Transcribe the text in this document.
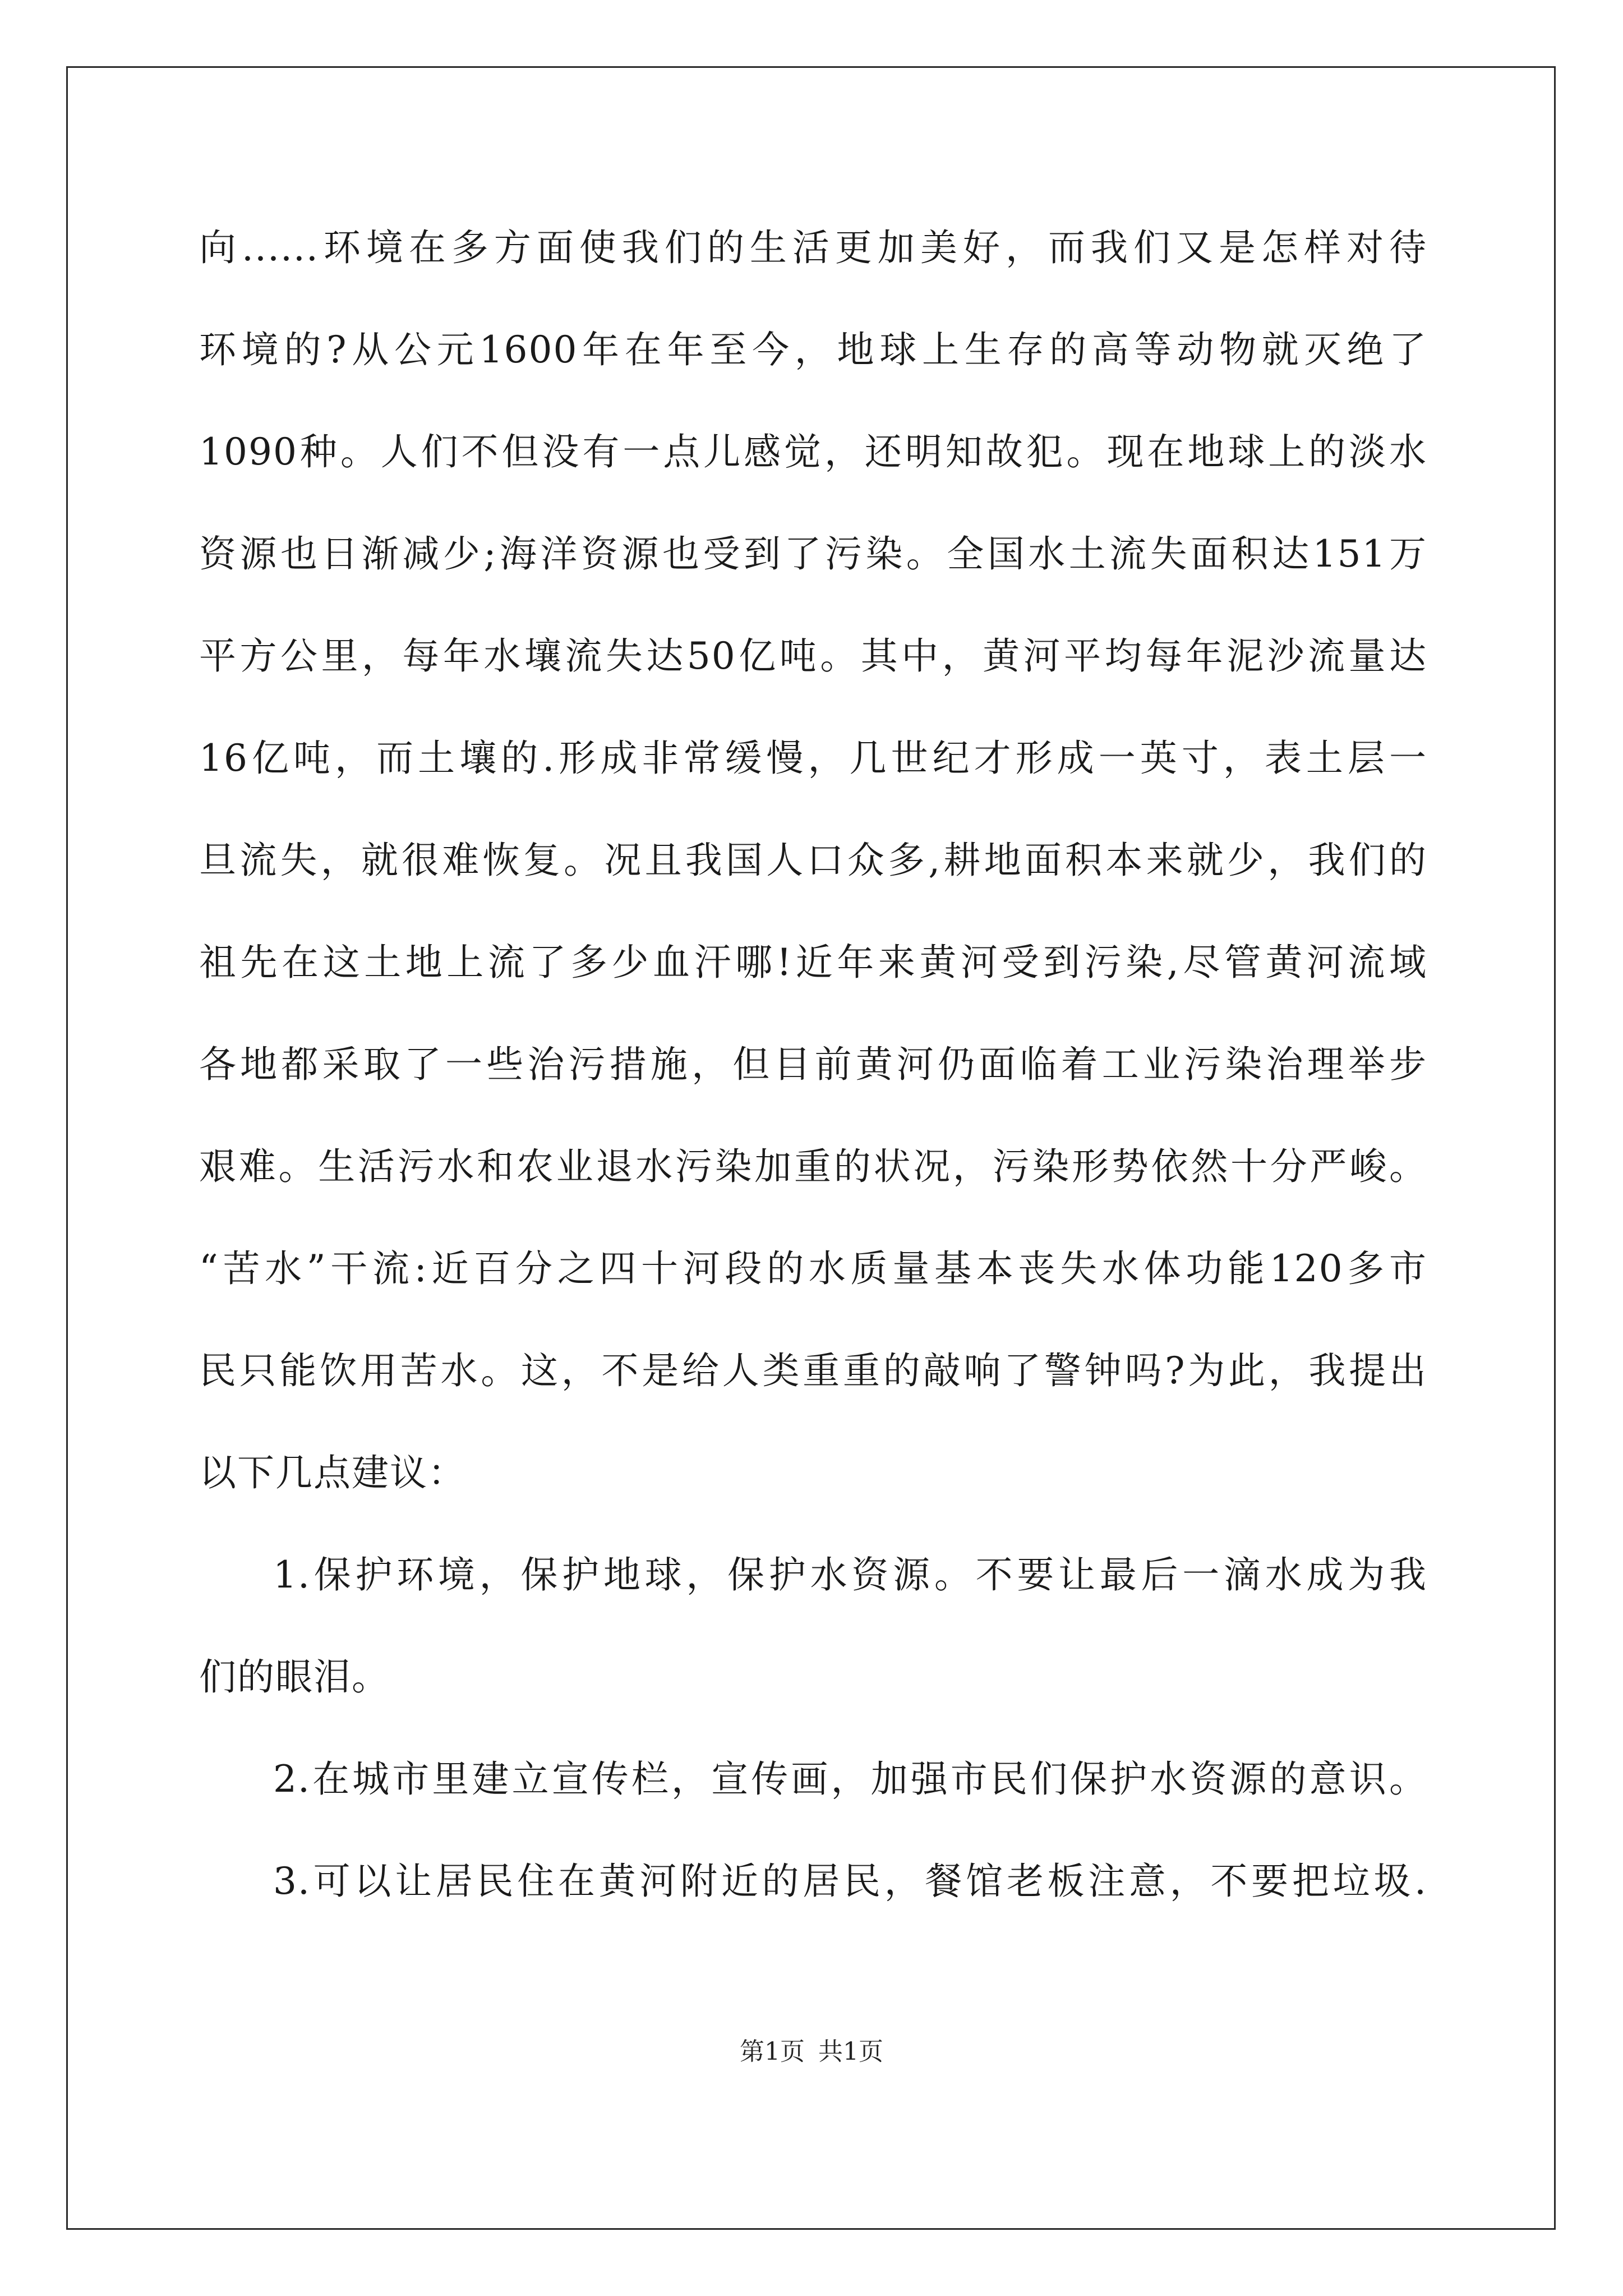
向......环境在多方面使我们的生活更加美好，而我们又是怎样对待
环境的?从公元1600年在年至今，地球上生存的高等动物就灭绝了
1090种。人们不但没有一点儿感觉，还明知故犯。现在地球上的淡水
资源也日渐减少;海洋资源也受到了污染。全国水土流失面积达151万
平方公里，每年水壤流失达50亿吨。其中，黄河平均每年泥沙流量达
16亿吨，而土壤的.形成非常缓慢，几世纪才形成一英寸，表土层一
旦流失，就很难恢复。况且我国人口众多,耕地面积本来就少，我们的
祖先在这土地上流了多少血汗哪!近年来黄河受到污染,尽管黄河流域
各地都采取了一些治污措施，但目前黄河仍面临着工业污染治理举步
艰难。生活污水和农业退水污染加重的状况，污染形势依然十分严峻。
“苦水”干流:近百分之四十河段的水质量基本丧失水体功能120多市
民只能饮用苦水。这，不是给人类重重的敲响了警钟吗?为此，我提出
以下几点建议：
1.保护环境，保护地球，保护水资源。不要让最后一滴水成为我
们的眼泪。
2.在城市里建立宣传栏，宣传画，加强市民们保护水资源的意识。
3.可以让居民住在黄河附近的居民，餐馆老板注意，不要把垃圾.
第1页 共1页
